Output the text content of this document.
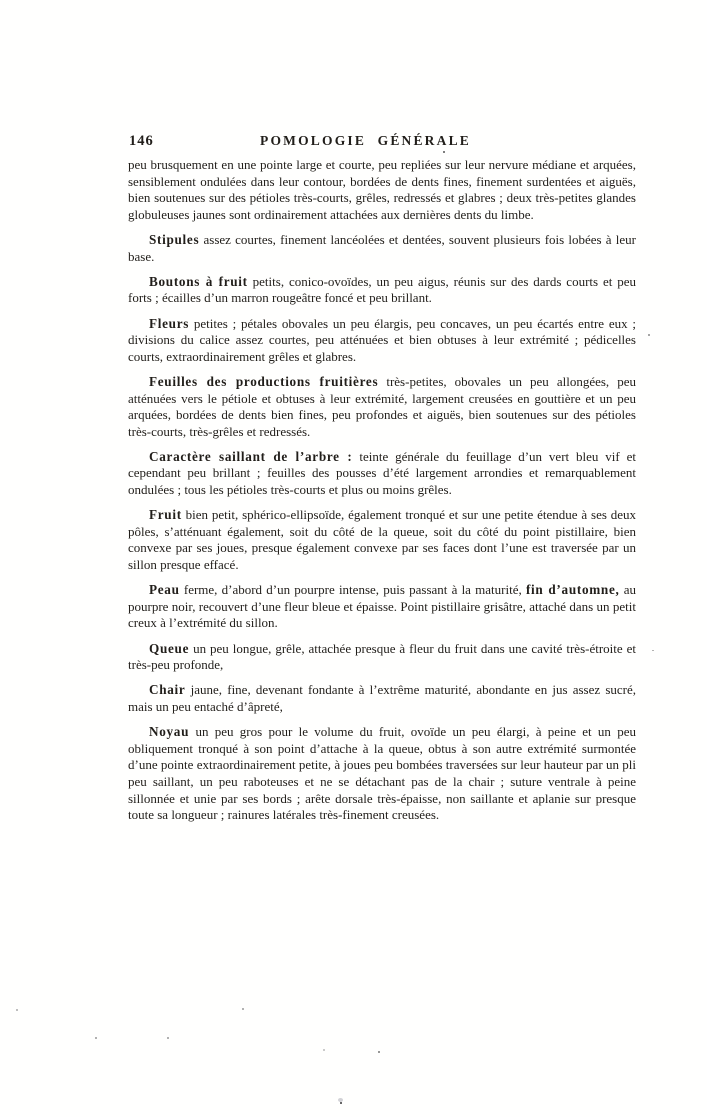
146	POMOLOGIE GÉNÉRALE

peu brusquement en une pointe large et courte, peu repliées sur leur nervure médiane et arquées, sensiblement ondulées dans leur contour, bordées de dents fines, finement surdentées et aiguës, bien soutenues sur des pétioles très-courts, grêles, redressés et glabres ; deux très-petites glandes globuleuses jaunes sont ordinairement attachées aux dernières dents du limbe.

Stipules assez courtes, finement lancéolées et dentées, souvent plusieurs fois lobées à leur base.

Boutons à fruit petits, conico-ovoïdes, un peu aigus, réunis sur des dards courts et peu forts ; écailles d’un marron rougeâtre foncé et peu brillant.

Fleurs petites ; pétales obovales un peu élargis, peu concaves, un peu écartés entre eux ; divisions du calice assez courtes, peu atténuées et bien obtuses à leur extrémité ; pédicelles courts, extraordinairement grêles et glabres.

Feuilles des productions fruitières très-petites, obovales un peu allongées, peu atténuées vers le pétiole et obtuses à leur extrémité, largement creusées en gouttière et un peu arquées, bordées de dents bien fines, peu profondes et aiguës, bien soutenues sur des pétioles très-courts, très-grêles et redressés.

Caractère saillant de l’arbre : teinte générale du feuillage d’un vert bleu vif et cependant peu brillant ; feuilles des pousses d’été largement arrondies et remarquablement ondulées ; tous les pétioles très-courts et plus ou moins grêles.

Fruit bien petit, sphérico-ellipsoïde, également tronqué et sur une petite étendue à ses deux pôles, s’atténuant également, soit du côté de la queue, soit du côté du point pistillaire, bien convexe par ses joues, presque également convexe par ses faces dont l’une est traversée par un sillon presque effacé.

Peau ferme, d’abord d’un pourpre intense, puis passant à la maturité, fin d’automne, au pourpre noir, recouvert d’une fleur bleue et épaisse. Point pistillaire grisâtre, attaché dans un petit creux à l’extrémité du sillon.

Queue un peu longue, grêle, attachée presque à fleur du fruit dans une cavité très-étroite et très-peu profonde,

Chair jaune, fine, devenant fondante à l’extrême maturité, abondante en jus assez sucré, mais un peu entaché d’âpreté,

Noyau un peu gros pour le volume du fruit, ovoïde un peu élargi, à peine et un peu obliquement tronqué à son point d’attache à la queue, obtus à son autre extrémité surmontée d’une pointe extraordinairement petite, à joues peu bombées traversées sur leur hauteur par un pli peu saillant, un peu raboteuses et ne se détachant pas de la chair ; suture ventrale à peine sillonnée et unie par ses bords ; arête dorsale très-épaisse, non saillante et aplanie sur presque toute sa longueur ; rainures latérales très-finement creusées.
